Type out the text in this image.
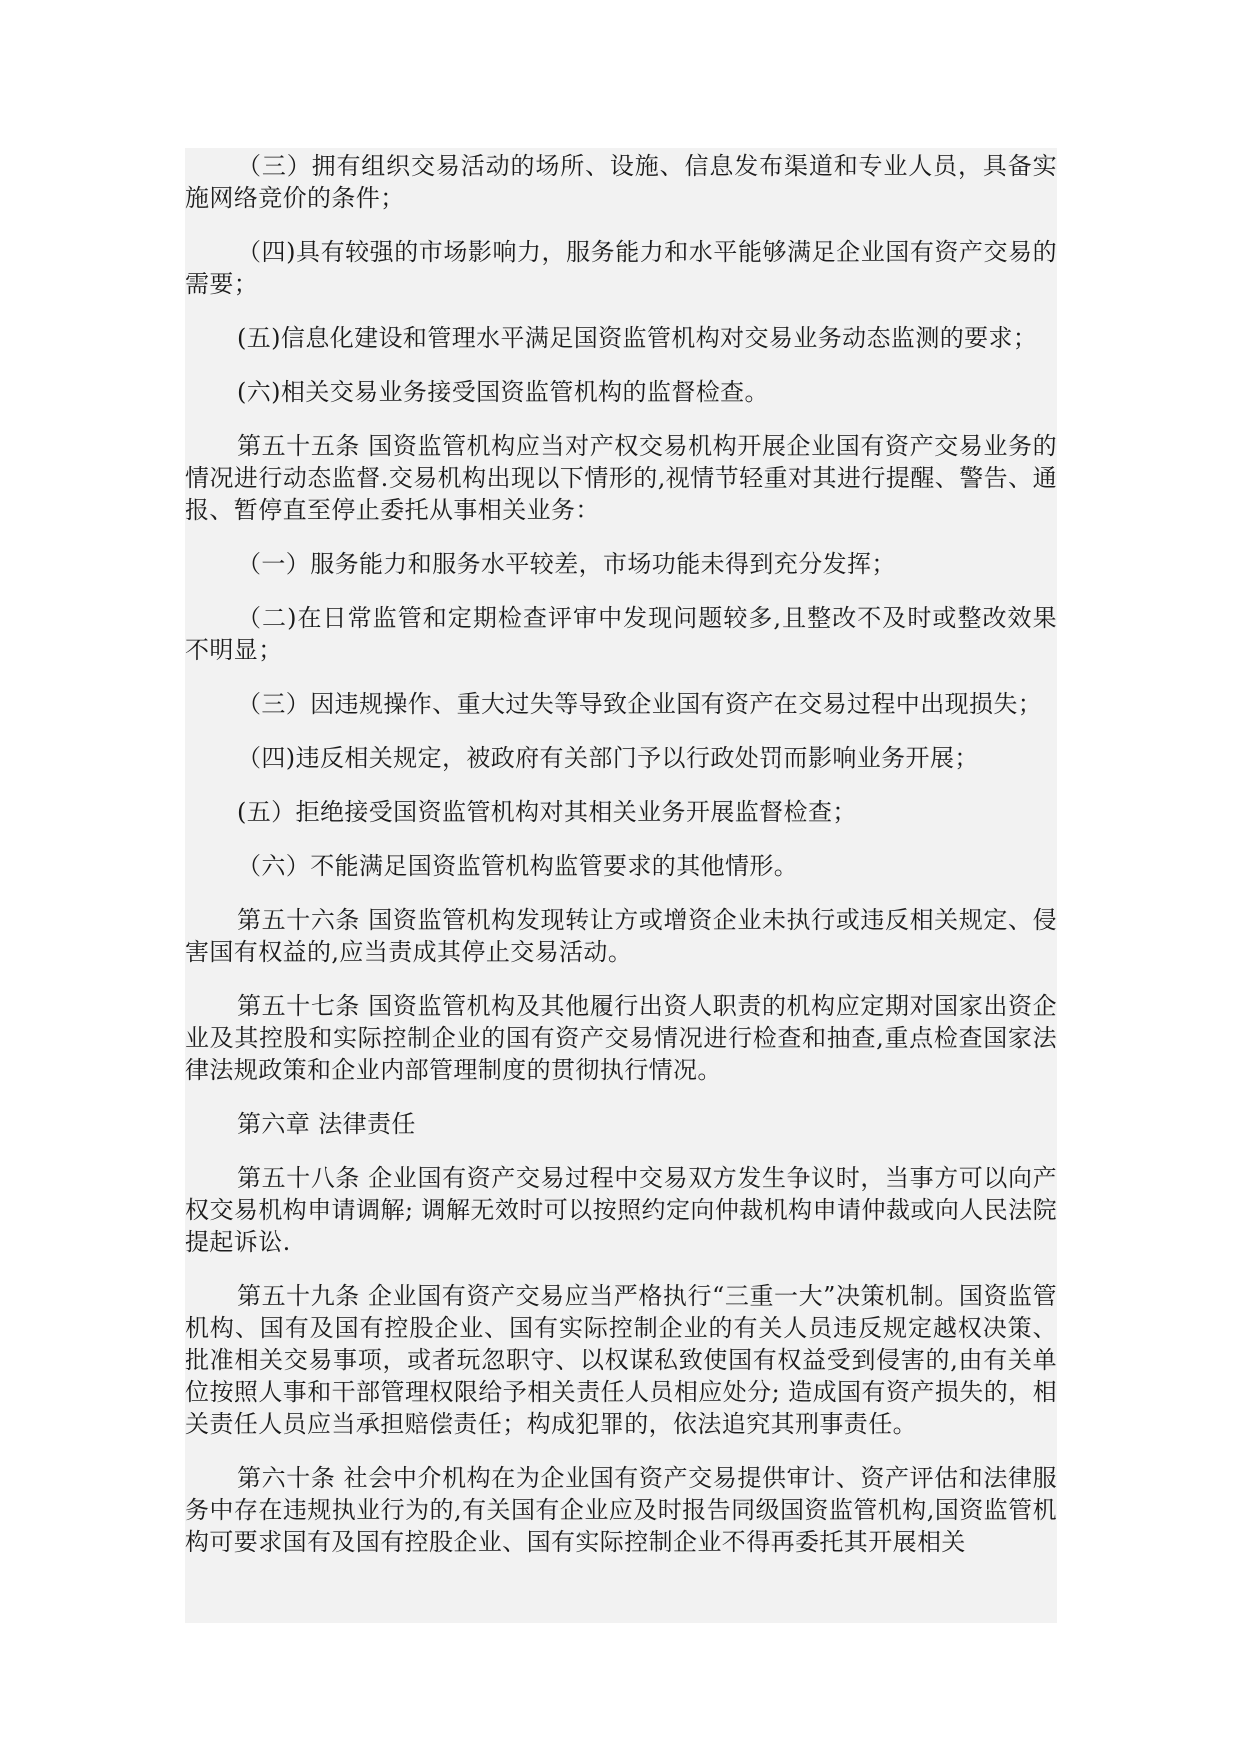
（三）拥有组织交易活动的场所、设施、信息发布渠道和专业人员，具备实施网络竞价的条件；

（四)具有较强的市场影响力，服务能力和水平能够满足企业国有资产交易的需要；

(五)信息化建设和管理水平满足国资监管机构对交易业务动态监测的要求；

(六)相关交易业务接受国资监管机构的监督检查。

第五十五条 国资监管机构应当对产权交易机构开展企业国有资产交易业务的情况进行动态监督.交易机构出现以下情形的,视情节轻重对其进行提醒、警告、通报、暂停直至停止委托从事相关业务：

（一）服务能力和服务水平较差，市场功能未得到充分发挥；

（二)在日常监管和定期检查评审中发现问题较多,且整改不及时或整改效果不明显；

（三）因违规操作、重大过失等导致企业国有资产在交易过程中出现损失；

（四)违反相关规定，被政府有关部门予以行政处罚而影响业务开展；

(五）拒绝接受国资监管机构对其相关业务开展监督检查；

（六）不能满足国资监管机构监管要求的其他情形。

第五十六条 国资监管机构发现转让方或增资企业未执行或违反相关规定、侵害国有权益的,应当责成其停止交易活动。

第五十七条 国资监管机构及其他履行出资人职责的机构应定期对国家出资企业及其控股和实际控制企业的国有资产交易情况进行检查和抽查,重点检查国家法律法规政策和企业内部管理制度的贯彻执行情况。

第六章 法律责任

第五十八条 企业国有资产交易过程中交易双方发生争议时，当事方可以向产权交易机构申请调解; 调解无效时可以按照约定向仲裁机构申请仲裁或向人民法院提起诉讼.

第五十九条 企业国有资产交易应当严格执行“三重一大”决策机制。国资监管机构、国有及国有控股企业、国有实际控制企业的有关人员违反规定越权决策、批准相关交易事项，或者玩忽职守、以权谋私致使国有权益受到侵害的,由有关单位按照人事和干部管理权限给予相关责任人员相应处分; 造成国有资产损失的，相关责任人员应当承担赔偿责任；构成犯罪的，依法追究其刑事责任。

第六十条 社会中介机构在为企业国有资产交易提供审计、资产评估和法律服务中存在违规执业行为的,有关国有企业应及时报告同级国资监管机构,国资监管机构可要求国有及国有控股企业、国有实际控制企业不得再委托其开展相关
